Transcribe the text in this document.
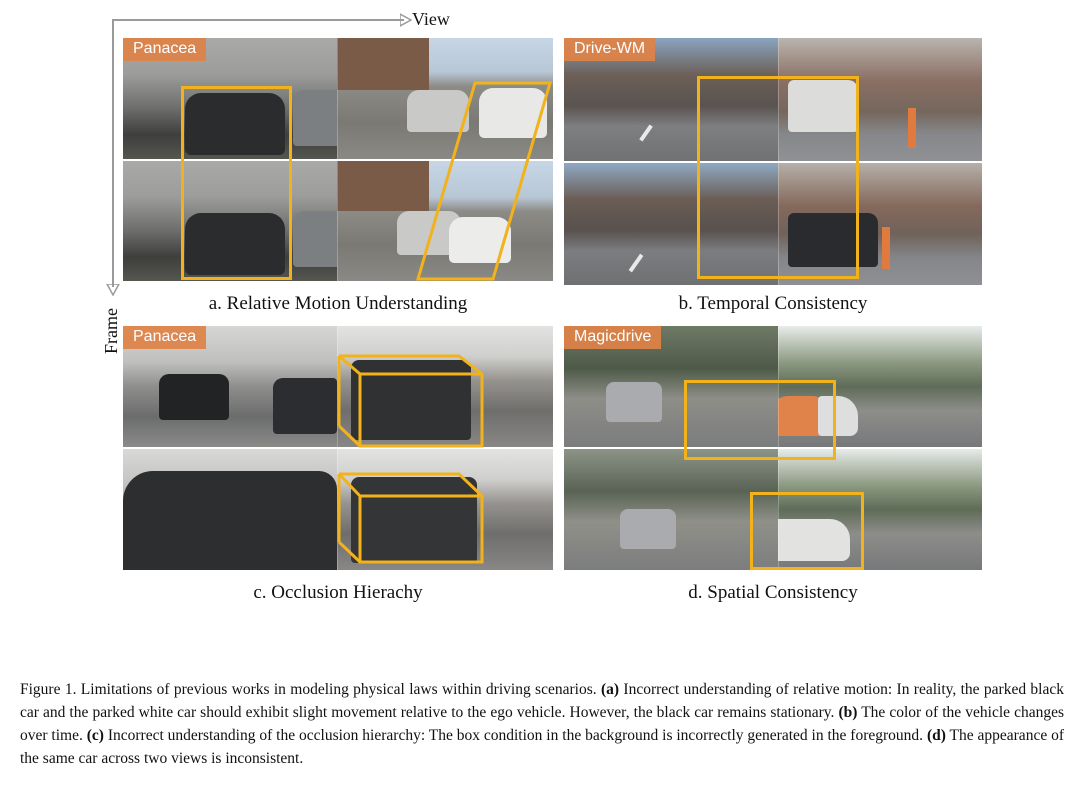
View
Frame
Panacea
a. Relative Motion Understanding
Drive-WM
b. Temporal Consistency
Panacea
c. Occlusion Hierachy
Magicdrive
d. Spatial Consistency
Figure 1. Limitations of previous works in modeling physical laws within driving scenarios. (a) Incorrect understanding of relative motion: In reality, the parked black car and the parked white car should exhibit slight movement relative to the ego vehicle. However, the black car remains stationary. (b) The color of the vehicle changes over time. (c) Incorrect understanding of the occlusion hierarchy: The box condition in the background is incorrectly generated in the foreground. (d) The appearance of the same car across two views is inconsistent.
